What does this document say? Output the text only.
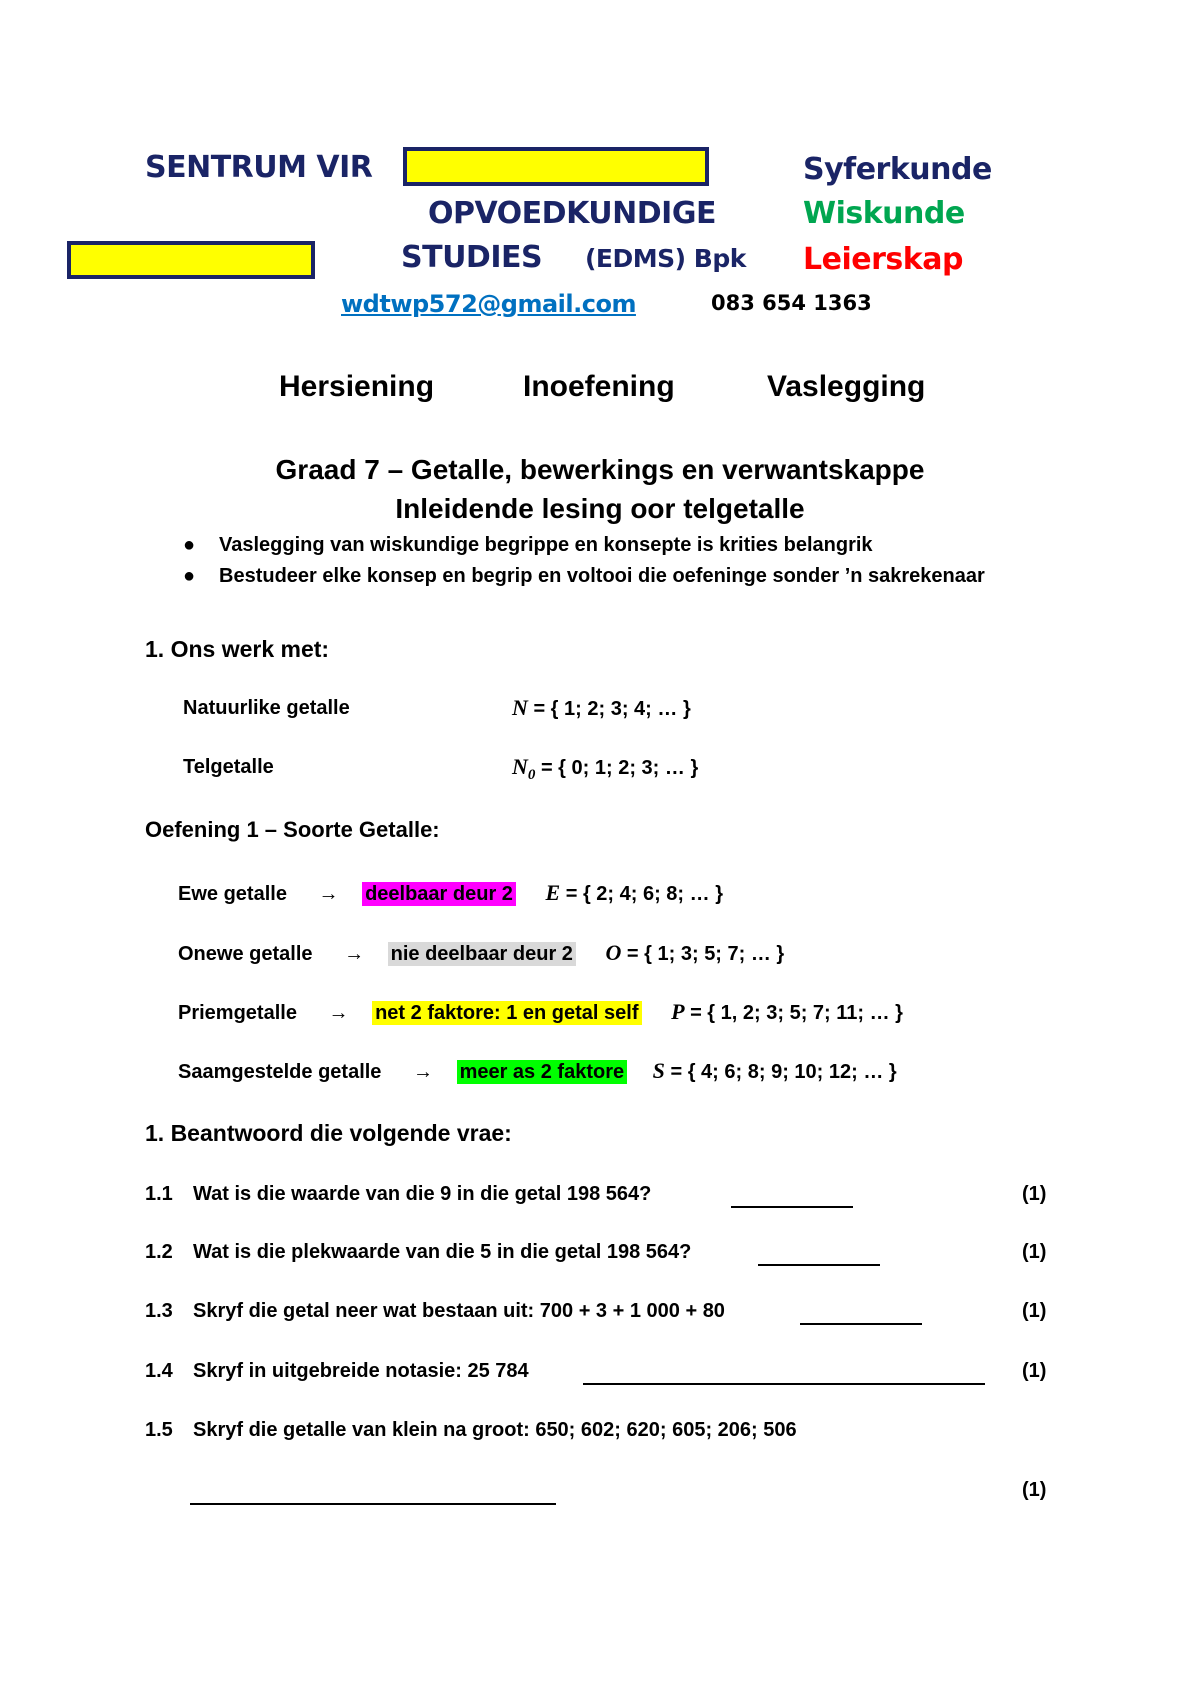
SENTRUM VIR
OPVOEDKUNDIGE
STUDIES (EDMS) Bpk
Syferkunde
Wiskunde
Leierskap
wdtwp572@gmail.com	083 654 1363
Hersiening	Inoefening	Vaslegging
Graad 7 – Getalle, bewerkings en verwantskappe
Inleidende lesing oor telgetalle
● Vaslegging van wiskundige begrippe en konsepte is krities belangrik
● Bestudeer elke konsep en begrip en voltooi die oefeninge sonder ’n sakrekenaar
1. Ons werk met:
Natuurlike getalle	N = { 1; 2; 3; 4; … }
Telgetalle	$N_0$ = { 0; 1; 2; 3; … }
Oefening 1 – Soorte Getalle:
Ewe getalle → deelbaar deur 2 E = { 2; 4; 6; 8; … }
Onewe getalle → nie deelbaar deur 2 O = { 1; 3; 5; 7; … }
Priemgetalle → net 2 faktore: 1 en getal self P = { 1, 2; 3; 5; 7; 11; … }
Saamgestelde getalle → meer as 2 faktore S = { 4; 6; 8; 9; 10; 12; … }
1. Beantwoord die volgende vrae:
1.1 Wat is die waarde van die 9 in die getal 198 564?	(1)
1.2 Wat is die plekwaarde van die 5 in die getal 198 564?	(1)
1.3 Skryf die getal neer wat bestaan uit: 700 + 3 + 1 000 + 80	(1)
1.4 Skryf in uitgebreide notasie: 25 784	(1)
1.5 Skryf die getalle van klein na groot: 650; 602; 620; 605; 206; 506
(1)
